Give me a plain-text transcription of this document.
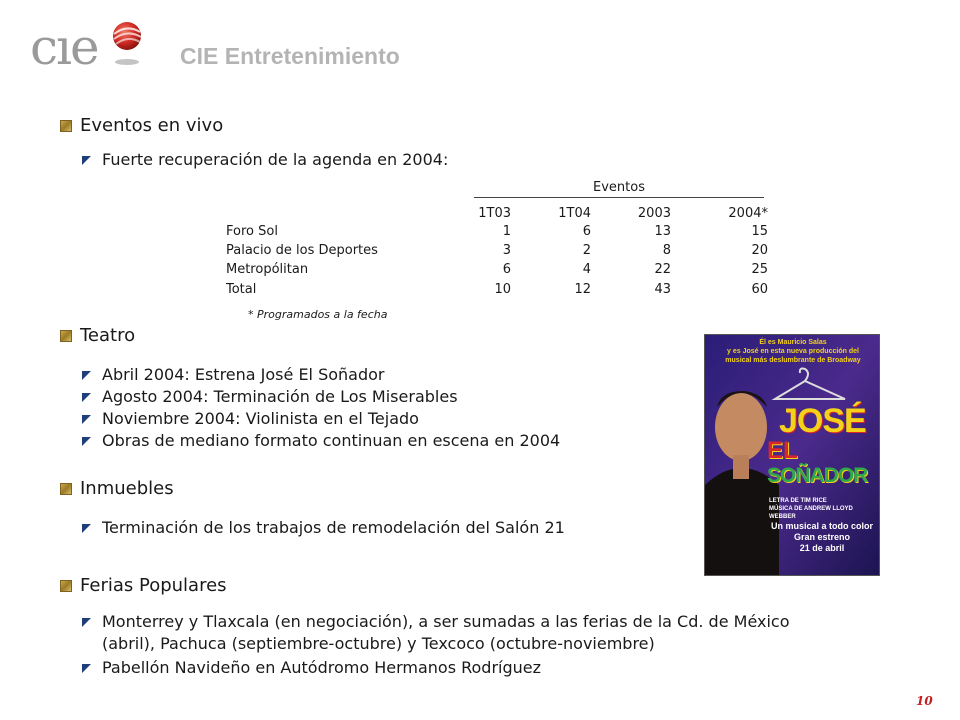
cıe	CIE Entretenimiento
Eventos en vivo
Fuerte recuperación de la agenda en 2004:
Eventos
1T03	1T04	2003	2004*
Foro Sol	1	6	13	15
Palacio de los Deportes	3	2	8	20
Metropólitan	6	4	22	25
Total	10	12	43	60
* Programados a la fecha
Teatro
Abril 2004: Estrena José El Soñador
Agosto 2004: Terminación de Los Miserables
Noviembre 2004: Violinista en el Tejado
Obras de mediano formato continuan en escena en 2004
Inmuebles
Terminación de los trabajos de remodelación del Salón 21
Ferias Populares
Monterrey y Tlaxcala (en negociación), a ser sumadas a las ferias de la Cd. de México
(abril), Pachuca (septiembre-octubre) y Texcoco (octubre-noviembre)
Pabellón Navideño en Autódromo Hermanos Rodríguez
Él es Mauricio Salas
y es José en esta nueva producción del
musical más deslumbrante de Broadway
JOSÉ
EL
SOÑADOR
LETRA DE TIM RICE
MÚSICA DE ANDREW LLOYD WEBBER
Un musical a todo color
Gran estreno
21 de abril
10
